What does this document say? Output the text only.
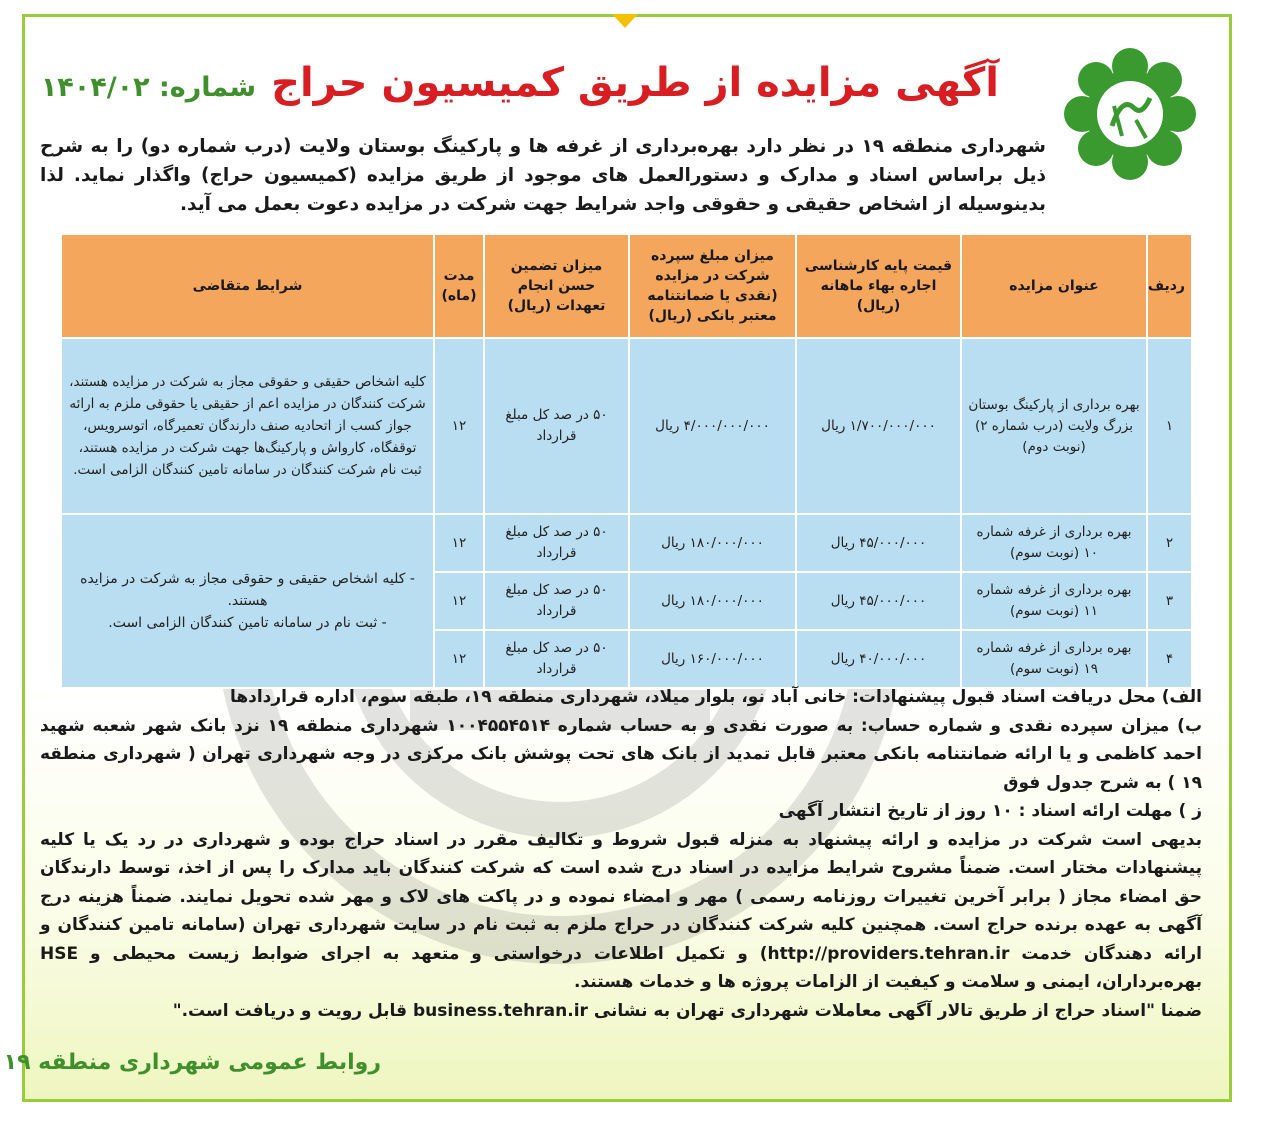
آگهی مزایده از طریق کمیسیون حراج شماره: ۱۴۰۴/۰۲
شهرداری منطقه ۱۹ در نظر دارد بهره‌برداری از غرفه ها و پارکینگ بوستان ولایت (درب شماره دو) را به شرح ذیل براساس اسناد و مدارک و دستورالعمل های موجود از طریق مزایده (کمیسیون حراج) واگذار نماید. لذا بدینوسیله از اشخاص حقیقی و حقوقی واجد شرایط جهت شرکت در مزایده دعوت بعمل می آید.
ردیف	عنوان مزایده	قیمت پایه کارشناسی اجاره بهاء ماهانه (ریال)	میزان مبلغ سپرده شرکت در مزایده (نقدی یا ضمانتنامه معتبر بانکی (ریال)	میزان تضمین حسن انجام تعهدات (ریال)	مدت (ماه)	شرایط متقاضی
۱	بهره برداری از پارکینگ بوستان بزرگ ولایت (درب شماره ۲) (نوبت دوم)	۱/۷۰۰/۰۰۰/۰۰۰ ریال	۴/۰۰۰/۰۰۰/۰۰۰ ریال	۵۰ در صد کل مبلغ قرارداد	۱۲	کلیه اشخاص حقیقی و حقوقی مجاز به شرکت در مزایده هستند، شرکت کنندگان در مزایده اعم از حقیقی یا حقوقی ملزم به ارائه جواز کسب از اتحادیه صنف دارندگان تعمیرگاه، اتوسرویس، توقفگاه، کارواش و پارکینگ‌ها جهت شرکت در مزایده هستند، ثبت نام شرکت کنندگان در سامانه تامین کنندگان الزامی است.
۲	بهره برداری از غرفه شماره ۱۰ (نوبت سوم)	۴۵/۰۰۰/۰۰۰ ریال	۱۸۰/۰۰۰/۰۰۰ ریال	۵۰ در صد کل مبلغ قرارداد	۱۲	- کلیه اشخاص حقیقی و حقوقی مجاز به شرکت در مزایده هستند.
- ثبت نام در سامانه تامین کنندگان الزامی است.

۳	بهره برداری از غرفه شماره ۱۱ (نوبت سوم)	۴۵/۰۰۰/۰۰۰ ریال	۱۸۰/۰۰۰/۰۰۰ ریال	۵۰ در صد کل مبلغ قرارداد	۱۲	
۴	بهره برداری از غرفه شماره ۱۹ (نوبت سوم)	۴۰/۰۰۰/۰۰۰ ریال	۱۶۰/۰۰۰/۰۰۰ ریال	۵۰ در صد کل مبلغ قرارداد	۱۲	

الف) محل دریافت اسناد قبول پیشنهادات: خانی آباد نو، بلوار میلاد، شهرداری منطقه ۱۹، طبقه سوم، اداره قراردادها

ب) میزان سپرده نقدی و شماره حساب: به صورت نقدی و به حساب شماره ۱۰۰۴۵۵۴۵۱۴ شهرداری منطقه ۱۹ نزد بانک شهر شعبه شهید احمد کاظمی و یا ارائه ضمانتنامه بانکی معتبر قابل تمدید از بانک های تحت پوشش بانک مرکزی در وجه شهرداری تهران ( شهرداری منطقه ۱۹ ) به شرح جدول فوق

ز ) مهلت ارائه اسناد : ۱۰ روز از تاریخ انتشار آگهی

بدیهی است شرکت در مزایده و ارائه پیشنهاد به منزله قبول شروط و تکالیف مقرر در اسناد حراج بوده و شهرداری در رد یک یا کلیه پیشنهادات مختار است. ضمناً مشروح شرایط مزایده در اسناد درج شده است که شرکت کنندگان باید مدارک را پس از اخذ، توسط دارندگان حق امضاء مجاز ( برابر آخرین تغییرات روزنامه رسمی ) مهر و امضاء نموده و در پاکت های لاک و مهر شده تحویل نمایند. ضمناً هزینه درج آگهی به عهده برنده حراج است. همچنین کلیه شرکت کنندگان در حراج ملزم به ثبت نام در سایت شهرداری تهران (سامانه تامین کنندگان و ارائه دهندگان خدمت http://providers.tehran.ir) و تکمیل اطلاعات درخواستی و متعهد به اجرای ضوابط زیست محیطی و HSE بهره‌برداران، ایمنی و سلامت و کیفیت از الزامات پروژه ها و خدمات هستند.

ضمنا "اسناد حراج از طریق تالار آگهی معاملات شهرداری تهران به نشانی business.tehran.ir قابل رویت و دریافت است."

روابط عمومی شهرداری منطقه ۱۹
